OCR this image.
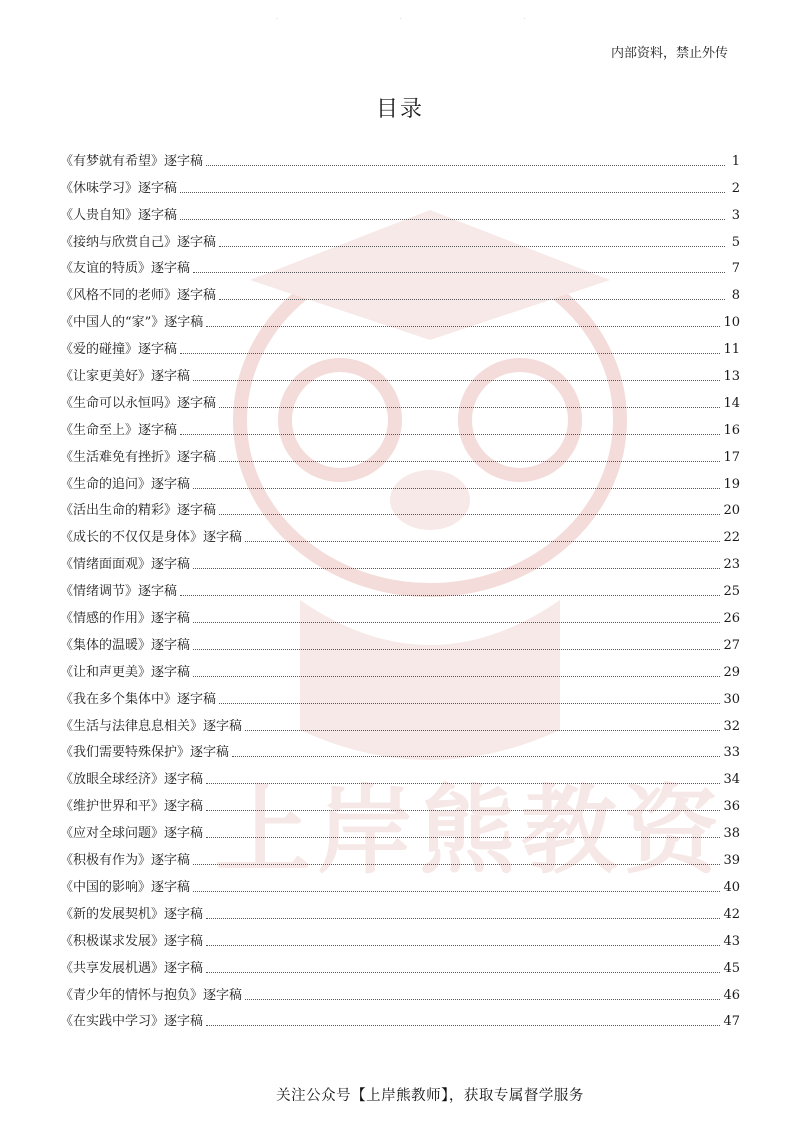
上岸熊教资
. . .
内部资料，禁止外传
目录
《有梦就有希望》逐字稿	1
《休味学习》逐字稿	2
《人贵自知》逐字稿	3
《接纳与欣赏自己》逐字稿	5
《友谊的特质》逐字稿	7
《风格不同的老师》逐字稿	8
《中国人的“家”》逐字稿	10
《爱的碰撞》逐字稿	11
《让家更美好》逐字稿	13
《生命可以永恒吗》逐字稿	14
《生命至上》逐字稿	16
《生活难免有挫折》逐字稿	17
《生命的追问》逐字稿	19
《活出生命的精彩》逐字稿	20
《成长的不仅仅是身体》逐字稿	22
《情绪面面观》逐字稿	23
《情绪调节》逐字稿	25
《情感的作用》逐字稿	26
《集体的温暖》逐字稿	27
《让和声更美》逐字稿	29
《我在多个集体中》逐字稿	30
《生活与法律息息相关》逐字稿	32
《我们需要特殊保护》逐字稿	33
《放眼全球经济》逐字稿	34
《维护世界和平》逐字稿	36
《应对全球问题》逐字稿	38
《积极有作为》逐字稿	39
《中国的影响》逐字稿	40
《新的发展契机》逐字稿	42
《积极谋求发展》逐字稿	43
《共享发展机遇》逐字稿	45
《青少年的情怀与抱负》逐字稿	46
《在实践中学习》逐字稿	47
关注公众号【上岸熊教师】，获取专属督学服务
